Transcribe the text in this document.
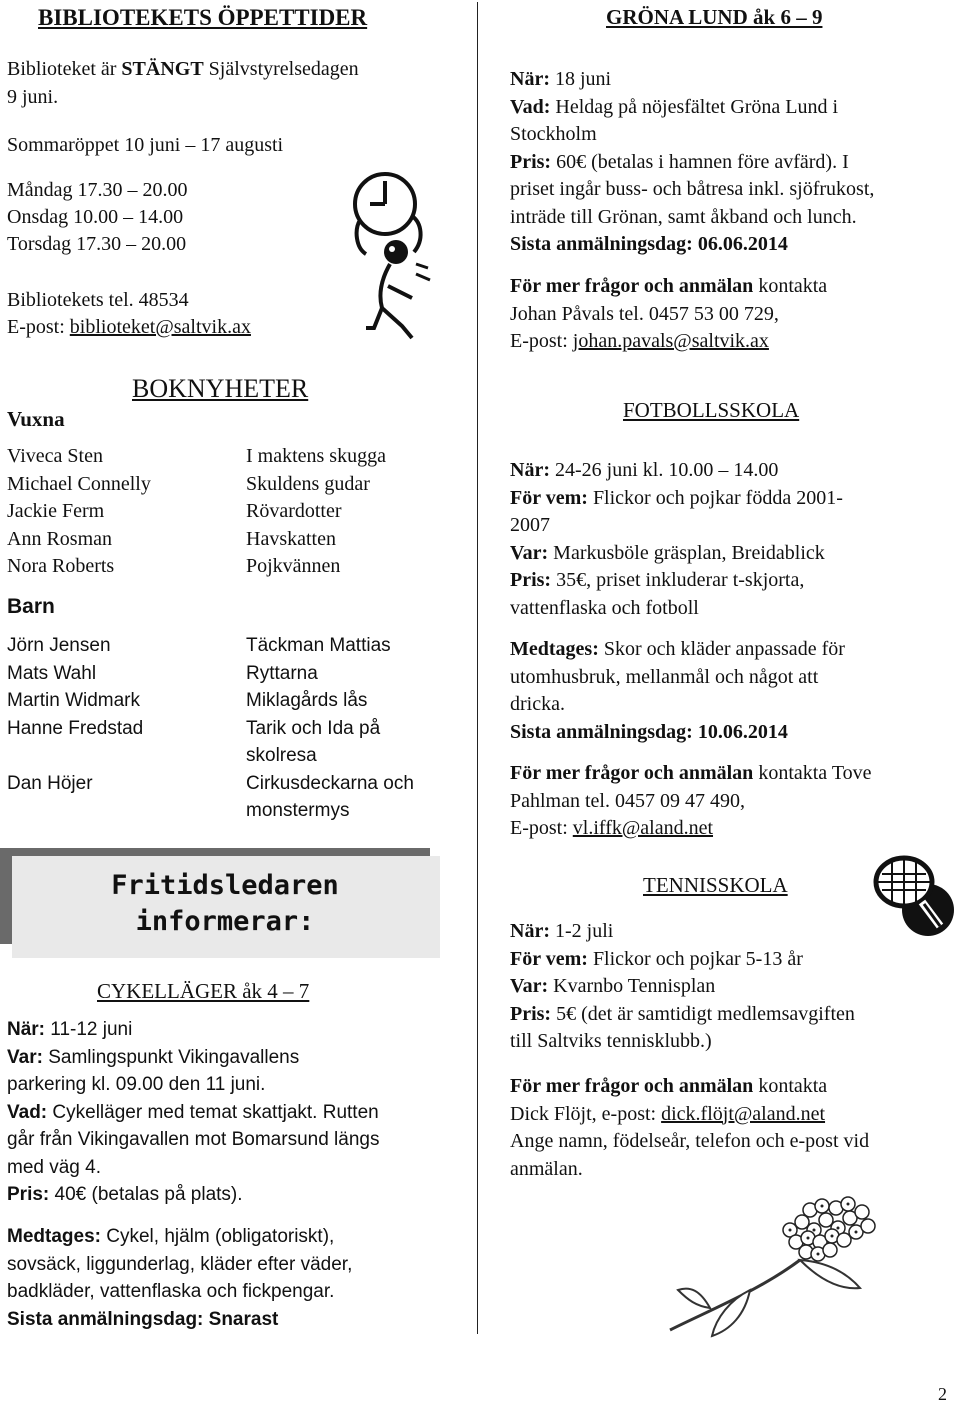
BIBLIOTEKETS ÖPPETTIDER
Biblioteket är STÄNGT Självstyrelsedagen
9 juni.
Sommaröppet 10 juni – 17 augusti
Måndag 17.30 – 20.00
Onsdag 10.00 – 14.00
Torsdag 17.30 – 20.00
Bibliotekets tel. 48534
E-post: biblioteket@saltvik.ax
BOKNYHETER
Vuxna
Viveca Sten
Michael Connelly
Jackie Ferm
Ann Rosman
Nora Roberts
I maktens skugga
Skuldens gudar
Rövardotter
Havskatten
Pojkvännen
Barn
Jörn Jensen
Mats Wahl
Martin Widmark
Hanne Fredstad
Dan Höjer
Täckman Mattias
Ryttarna
Miklagårds lås
Tarik och Ida på
skolresa
Cirkusdeckarna och
monstermys
Fritidsledaren
informerar:
CYKELLÄGER åk 4 – 7
När: 11-12 juni
Var: Samlingspunkt Vikingavallens
parkering kl. 09.00 den 11 juni.
Vad: Cykelläger med temat skattjakt. Rutten
går från Vikingavallen mot Bomarsund längs
med väg 4.
Pris: 40€ (betalas på plats).
Medtages: Cykel, hjälm (obligatoriskt),
sovsäck, liggunderlag, kläder efter väder,
badkläder, vattenflaska och fickpengar.
Sista anmälningsdag: Snarast
GRÖNA LUND åk 6 – 9
När: 18 juni
Vad: Heldag på nöjesfältet Gröna Lund i
Stockholm
Pris: 60€ (betalas i hamnen före avfärd). I
priset ingår buss- och båtresa inkl. sjöfrukost,
inträde till Grönan, samt åkband och lunch.
Sista anmälningsdag: 06.06.2014
För mer frågor och anmälan kontakta
Johan Påvals tel. 0457 53 00 729,
E-post: johan.pavals@saltvik.ax
FOTBOLLSSKOLA
När: 24-26 juni kl. 10.00 – 14.00
För vem: Flickor och pojkar födda 2001-
2007
Var: Markusböle gräsplan, Breidablick
Pris: 35€, priset inkluderar t-skjorta,
vattenflaska och fotboll
Medtages: Skor och kläder anpassade för
utomhusbruk, mellanmål och något att
dricka.
Sista anmälningsdag: 10.06.2014
För mer frågor och anmälan kontakta Tove
Pahlman tel. 0457 09 47 490,
E-post: vl.iffk@aland.net
TENNISSKOLA
När: 1-2 juli
För vem: Flickor och pojkar 5-13 år
Var: Kvarnbo Tennisplan
Pris: 5€ (det är samtidigt medlemsavgiften
till Saltviks tennisklubb.)
För mer frågor och anmälan kontakta
Dick Flöjt, e-post: dick.flöjt@aland.net
Ange namn, födelseår, telefon och e-post vid
anmälan.
2
